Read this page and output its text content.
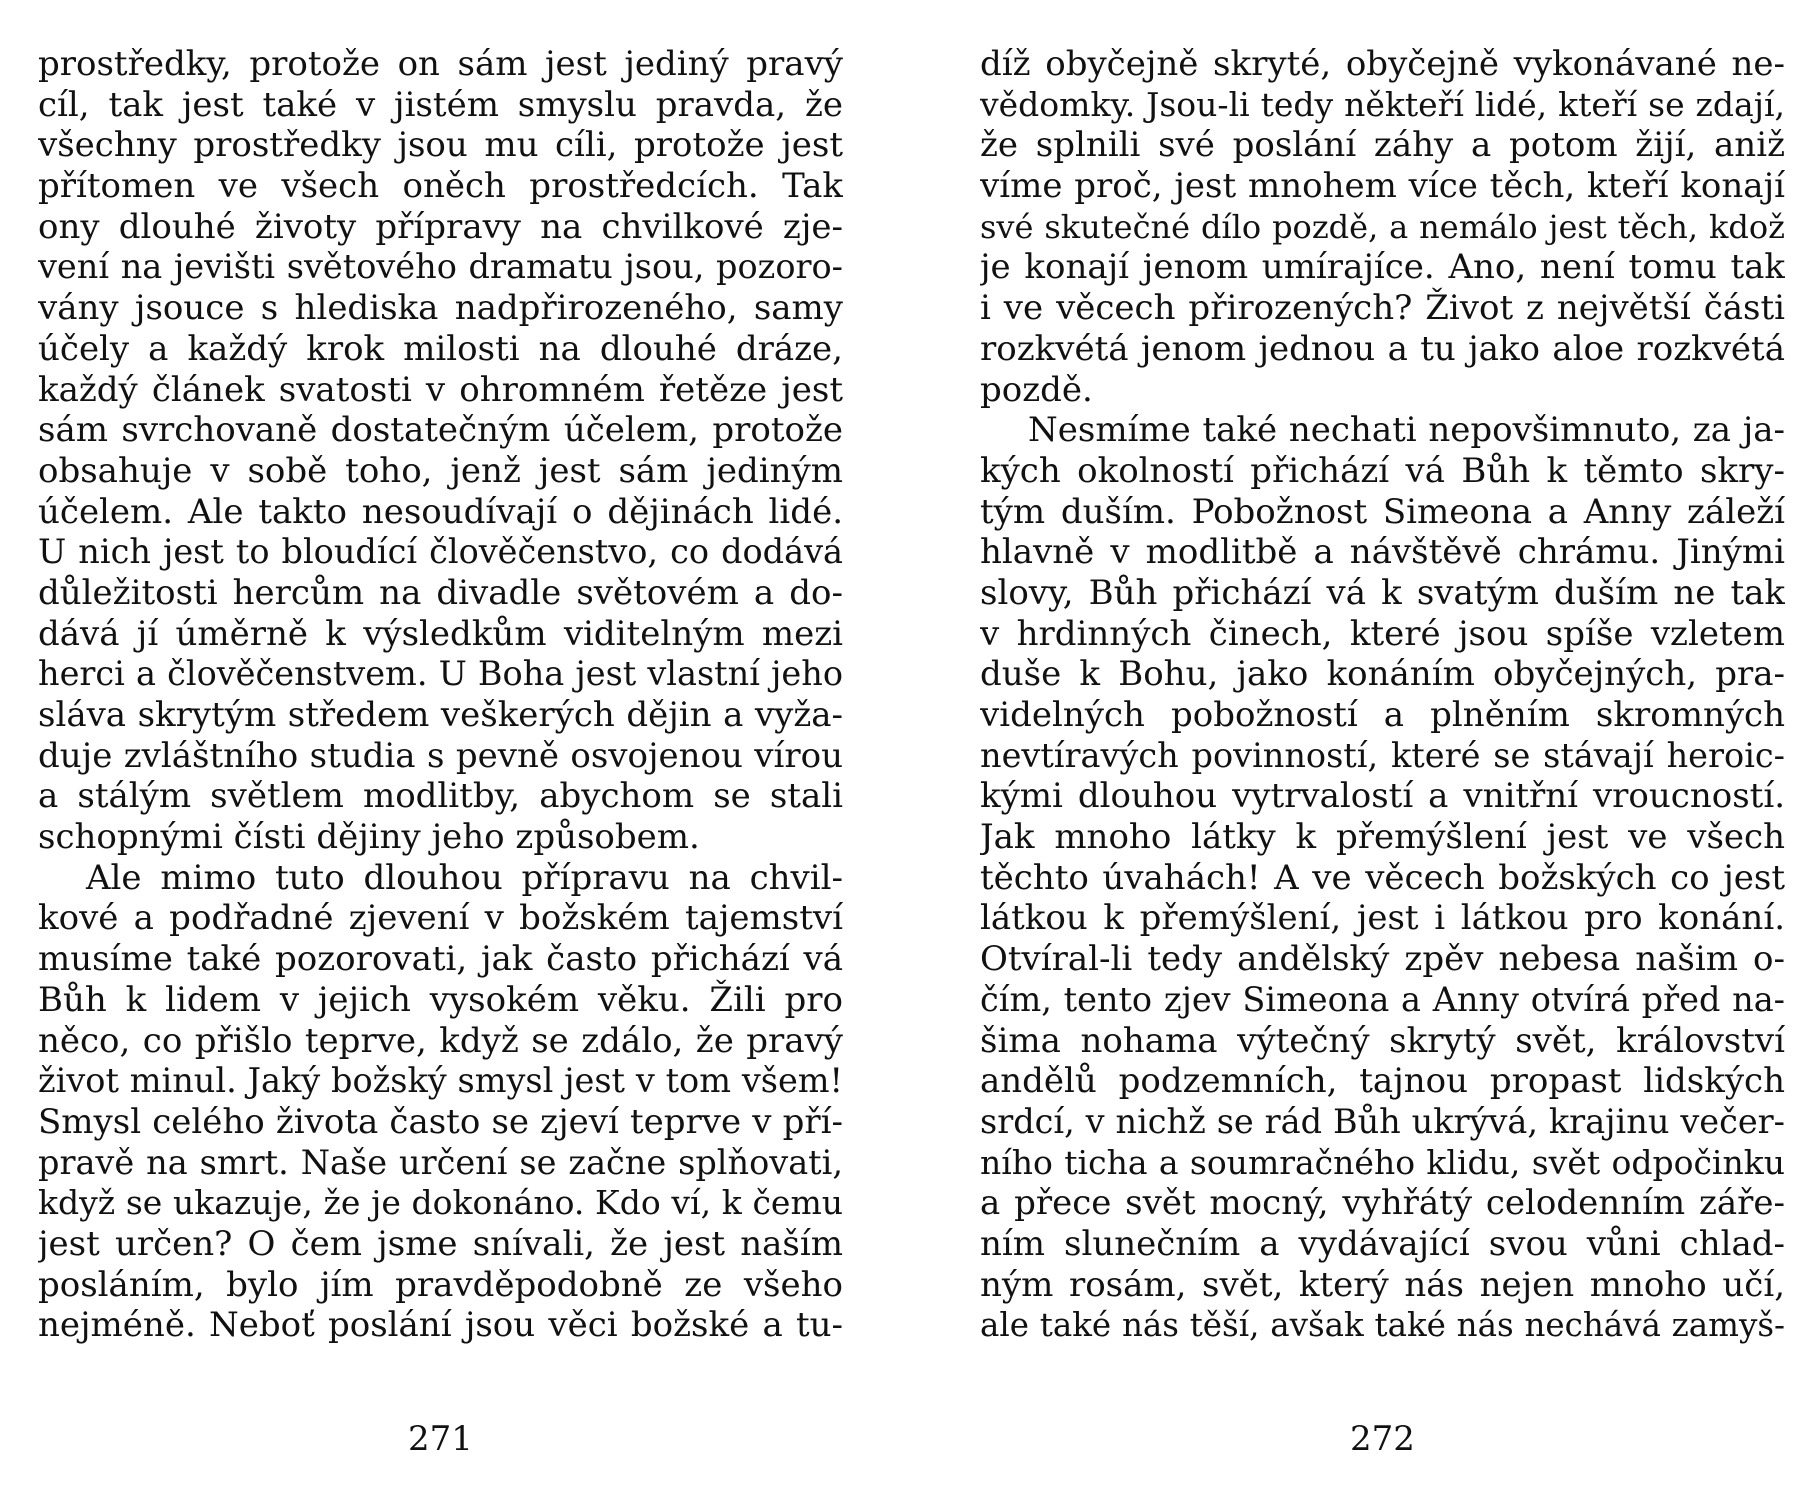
prostředky, protože on sám jest jediný pravý
cíl, tak jest také v jistém smyslu pravda, že
všechny prostředky jsou mu cíli, protože jest
přítomen ve všech oněch prostředcích. Tak
ony dlouhé životy přípravy na chvilkové zje-
vení na jevišti světového dramatu jsou, pozoro-
vány jsouce s hlediska nadpřirozeného, samy
účely a každý krok milosti na dlouhé dráze,
každý článek svatosti v ohromném řetěze jest
sám svrchovaně dostatečným účelem, protože
obsahuje v sobě toho, jenž jest sám jediným
účelem. Ale takto nesoudívají o dějinách lidé.
U nich jest to bloudící člověčenstvo, co dodává
důležitosti hercům na divadle světovém a do-
dává jí úměrně k výsledkům viditelným mezi
herci a člověčenstvem. U Boha jest vlastní jeho
sláva skrytým středem veškerých dějin a vyža-
duje zvláštního studia s pevně osvojenou vírou
a stálým světlem modlitby, abychom se stali
schopnými čísti dějiny jeho způsobem.
Ale mimo tuto dlouhou přípravu na chvil-
kové a podřadné zjevení v božském tajemství
musíme také pozorovati, jak často přichází vá
Bůh k lidem v jejich vysokém věku. Žili pro
něco, co přišlo teprve, když se zdálo, že pravý
život minul. Jaký božský smysl jest v tom všem!
Smysl celého života často se zjeví teprve v pří-
pravě na smrt. Naše určení se začne splňovati,
když se ukazuje, že je dokonáno. Kdo ví, k čemu
jest určen? O čem jsme snívali, že jest naším
posláním, bylo jím pravděpodobně ze všeho
nejméně. Neboť poslání jsou věci božské a tu-
271
díž obyčejně skryté, obyčejně vykonávané ne-
vědomky. Jsou-li tedy někteří lidé, kteří se zdají,
že splnili své poslání záhy a potom žijí, aniž
víme proč, jest mnohem více těch, kteří konají
své skutečné dílo pozdě, a nemálo jest těch, kdož
je konají jenom umírajíce. Ano, není tomu tak
i ve věcech přirozených? Život z největší části
rozkvétá jenom jednou a tu jako aloe rozkvétá
pozdě.
Nesmíme také nechati nepovšimnuto, za ja-
kých okolností přichází vá Bůh k těmto skry-
tým duším. Pobožnost Simeona a Anny záleží
hlavně v modlitbě a návštěvě chrámu. Jinými
slovy, Bůh přichází vá k svatým duším ne tak
v hrdinných činech, které jsou spíše vzletem
duše k Bohu, jako konáním obyčejných, pra-
videlných pobožností a plněním skromných
nevtíravých povinností, které se stávají heroic-
kými dlouhou vytrvalostí a vnitřní vroucností.
Jak mnoho látky k přemýšlení jest ve všech
těchto úvahách! A ve věcech božských co jest
látkou k přemýšlení, jest i látkou pro konání.
Otvíral-li tedy andělský zpěv nebesa našim o-
čím, tento zjev Simeona a Anny otvírá před na-
šima nohama výtečný skrytý svět, království
andělů podzemních, tajnou propast lidských
srdcí, v nichž se rád Bůh ukrývá, krajinu večer-
ního ticha a soumračného klidu, svět odpočinku
a přece svět mocný, vyhřátý celodenním záře-
ním slunečním a vydávající svou vůni chlad-
ným rosám, svět, který nás nejen mnoho učí,
ale také nás těší, avšak také nás nechává zamyš-
272
